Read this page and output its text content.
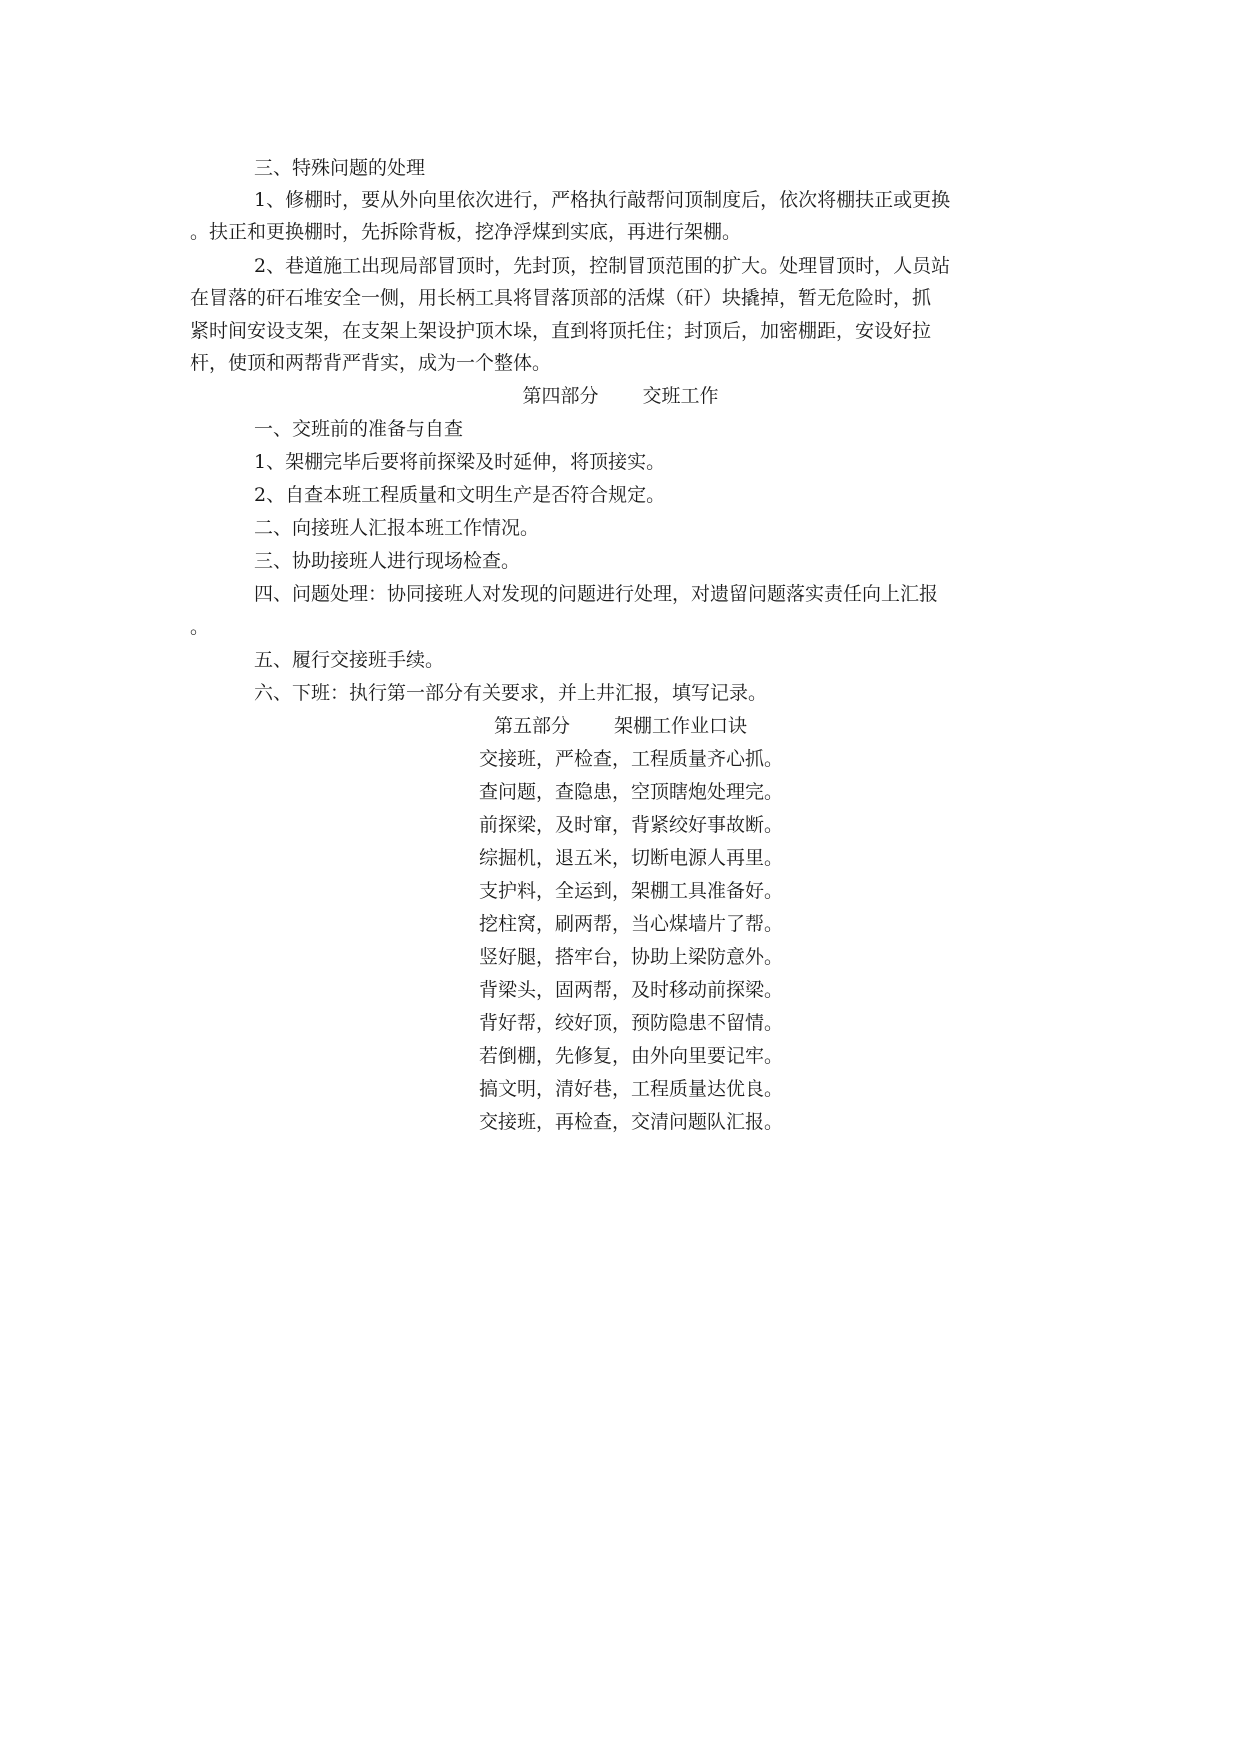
三、特殊问题的处理
1、修棚时，要从外向里依次进行，严格执行敲帮问顶制度后，依次将棚扶正或更换
。扶正和更换棚时，先拆除背板，挖净浮煤到实底，再进行架棚。
2、巷道施工出现局部冒顶时，先封顶，控制冒顶范围的扩大。处理冒顶时，人员站
在冒落的矸石堆安全一侧，用长柄工具将冒落顶部的活煤（矸）块撬掉，暂无危险时，抓
紧时间安设支架，在支架上架设护顶木垛，直到将顶托住；封顶后，加密棚距，安设好拉
杆，使顶和两帮背严背实，成为一个整体。
第四部分 交班工作
一、交班前的准备与自查
1、架棚完毕后要将前探梁及时延伸，将顶接实。
2、自查本班工程质量和文明生产是否符合规定。
二、向接班人汇报本班工作情况。
三、协助接班人进行现场检查。
四、问题处理：协同接班人对发现的问题进行处理，对遗留问题落实责任向上汇报
。
五、履行交接班手续。
六、下班：执行第一部分有关要求，并上井汇报，填写记录。
第五部分 架棚工作业口诀
交接班，严检查，工程质量齐心抓。
查问题，查隐患，空顶瞎炮处理完。
前探梁，及时窜，背紧绞好事故断。
综掘机，退五米，切断电源人再里。
支护料，全运到，架棚工具准备好。
挖柱窝，刷两帮，当心煤墙片了帮。
竖好腿，搭牢台，协助上梁防意外。
背梁头，固两帮，及时移动前探梁。
背好帮，绞好顶，预防隐患不留情。
若倒棚，先修复，由外向里要记牢。
搞文明，清好巷，工程质量达优良。
交接班，再检查，交清问题队汇报。
